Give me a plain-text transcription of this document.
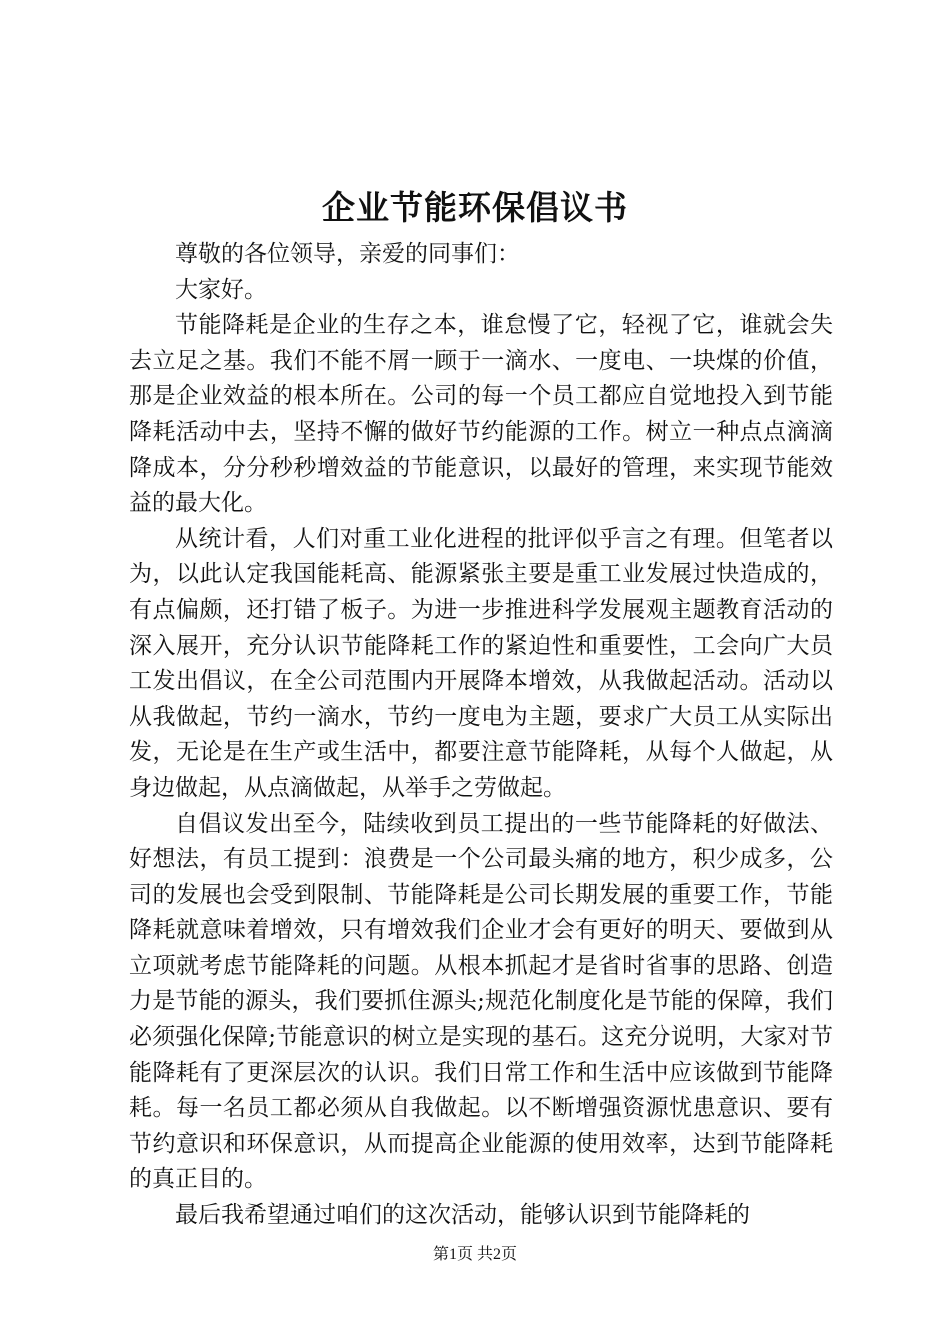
企业节能环保倡议书

尊敬的各位领导，亲爱的同事们：

大家好。

节能降耗是企业的生存之本，谁怠慢了它，轻视了它，谁就会失去立足之基。我们不能不屑一顾于一滴水、一度电、一块煤的价值，那是企业效益的根本所在。公司的每一个员工都应自觉地投入到节能降耗活动中去，坚持不懈的做好节约能源的工作。树立一种点点滴滴降成本，分分秒秒增效益的节能意识，以最好的管理，来实现节能效益的最大化。

从统计看，人们对重工业化进程的批评似乎言之有理。但笔者以为，以此认定我国能耗高、能源紧张主要是重工业发展过快造成的，有点偏颇，还打错了板子。为进一步推进科学发展观主题教育活动的深入展开，充分认识节能降耗工作的紧迫性和重要性，工会向广大员工发出倡议，在全公司范围内开展降本增效，从我做起活动。活动以从我做起，节约一滴水，节约一度电为主题，要求广大员工从实际出发，无论是在生产或生活中，都要注意节能降耗，从每个人做起，从身边做起，从点滴做起，从举手之劳做起。

自倡议发出至今，陆续收到员工提出的一些节能降耗的好做法、好想法，有员工提到：浪费是一个公司最头痛的地方，积少成多，公司的发展也会受到限制、节能降耗是公司长期发展的重要工作，节能降耗就意味着增效，只有增效我们企业才会有更好的明天、要做到从立项就考虑节能降耗的问题。从根本抓起才是省时省事的思路、创造力是节能的源头，我们要抓住源头;规范化制度化是节能的保障，我们必须强化保障;节能意识的树立是实现的基石。这充分说明，大家对节能降耗有了更深层次的认识。我们日常工作和生活中应该做到节能降耗。每一名员工都必须从自我做起。以不断增强资源忧患意识、要有节约意识和环保意识，从而提高企业能源的使用效率，达到节能降耗的真正目的。

最后我希望通过咱们的这次活动，能够认识到节能降耗的

第1页 共2页
